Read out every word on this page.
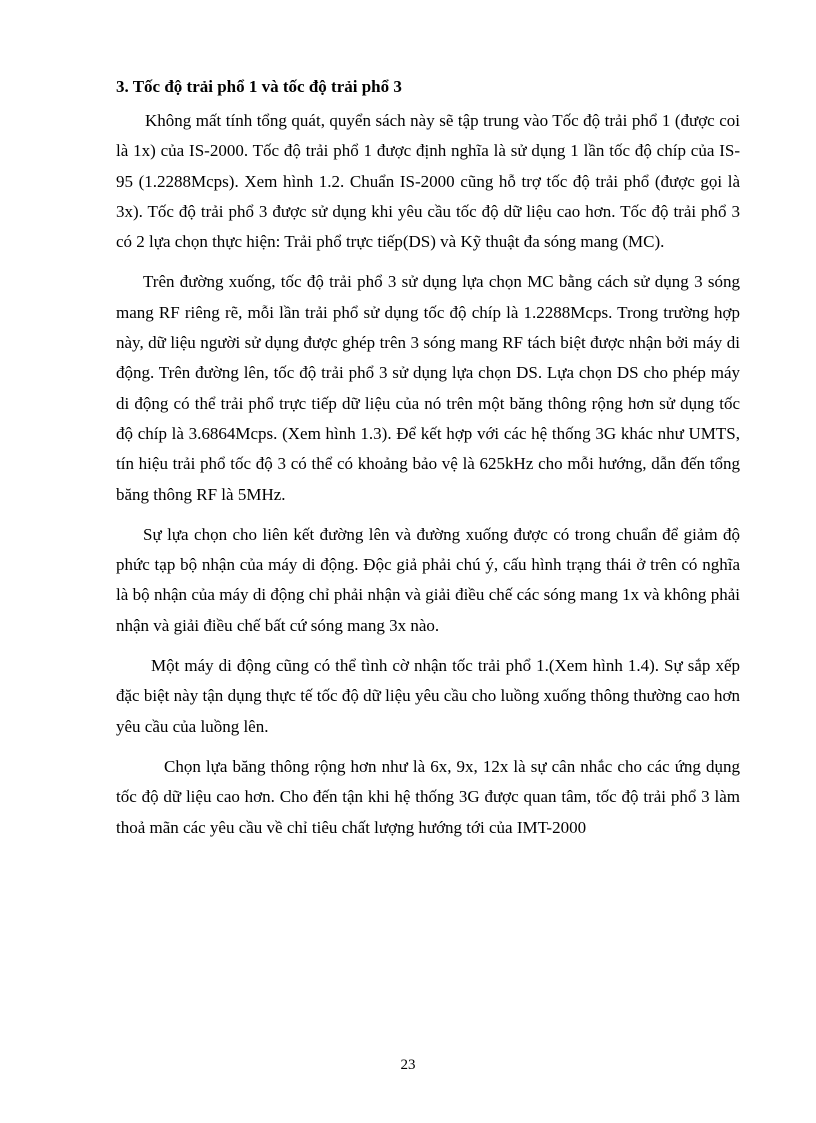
3. Tốc độ trải phổ 1 và tốc độ trải phổ 3

Không mất tính tổng quát, quyển sách này sẽ tập trung vào Tốc độ trải phổ 1 (được coi là 1x) của IS-2000. Tốc độ trải phổ 1 được định nghĩa là sử dụng 1 lần tốc độ chíp của IS-95 (1.2288Mcps). Xem hình 1.2. Chuẩn IS-2000 cũng hỗ trợ tốc độ trải phổ (được gọi là 3x). Tốc độ trải phổ 3 được sử dụng khi yêu cầu tốc độ dữ liệu cao hơn. Tốc độ trải phổ 3 có 2 lựa chọn thực hiện: Trải phổ trực tiếp(DS) và Kỹ thuật đa sóng mang (MC).

Trên đường xuống, tốc độ trải phổ 3 sử dụng lựa chọn MC bằng cách sử dụng 3 sóng mang RF riêng rẽ, mỗi lần trải phổ sử dụng tốc độ chíp là 1.2288Mcps. Trong trường hợp này, dữ liệu người sử dụng được ghép trên 3 sóng mang RF tách biệt được nhận bởi máy di động. Trên đường lên, tốc độ trải phổ 3 sử dụng lựa chọn DS. Lựa chọn DS cho phép máy di động có thể trải phổ trực tiếp dữ liệu của nó trên một băng thông rộng hơn sử dụng tốc độ chíp là 3.6864Mcps. (Xem hình 1.3). Để kết hợp với các hệ thống 3G khác như UMTS, tín hiệu trải phổ tốc độ 3 có thể có khoảng bảo vệ là 625kHz cho mỗi hướng, dẫn đến tổng băng thông RF là 5MHz.

Sự lựa chọn cho liên kết đường lên và đường xuống được có trong chuẩn để giảm độ phức tạp bộ nhận của máy di động. Độc giả phải chú ý, cấu hình trạng thái ở trên có nghĩa là bộ nhận của máy di động chỉ phải nhận và giải điều chế các sóng mang 1x và không phải nhận và giải điều chế bất cứ sóng mang 3x nào.

Một máy di động cũng có thể tình cờ nhận tốc trải phổ 1.(Xem hình 1.4). Sự sắp xếp đặc biệt này tận dụng thực tế tốc độ dữ liệu yêu cầu cho luồng xuống thông thường cao hơn yêu cầu của luồng lên.

Chọn lựa băng thông rộng hơn như là 6x, 9x, 12x là sự cân nhắc cho các ứng dụng tốc độ dữ liệu cao hơn. Cho đến tận khi hệ thống 3G được quan tâm, tốc độ trải phổ 3 làm thoả mãn các yêu cầu về chỉ tiêu chất lượng hướng tới của IMT-2000

23
